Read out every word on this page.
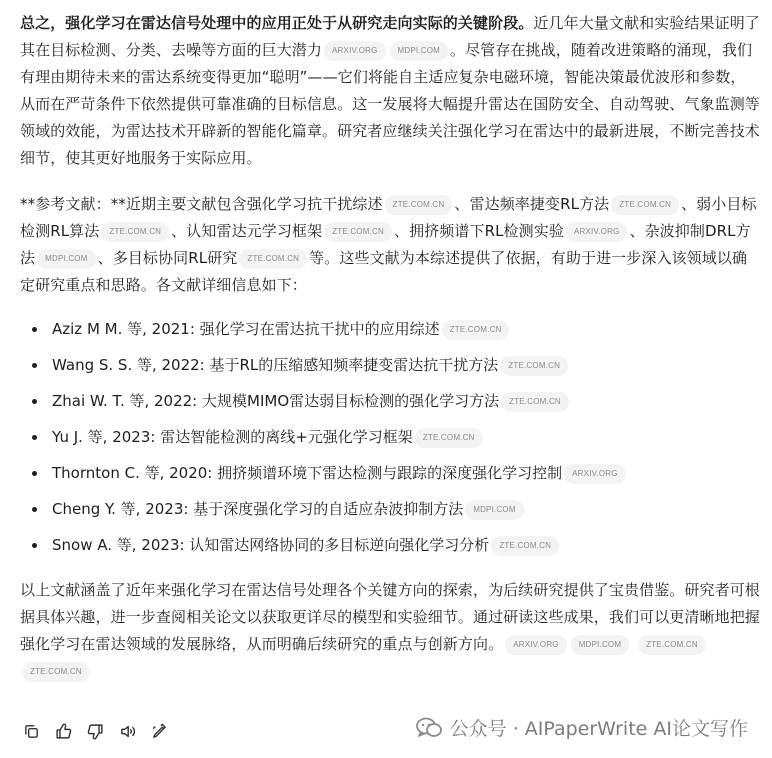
总之，强化学习在雷达信号处理中的应用正处于从研究走向实际的关键阶段。近几年大量文献和实验结果证明了其在目标检测、分类、去噪等方面的巨大潜力 ARXIV.ORG	MDPI.COM 。尽管存在挑战，随着改进策略的涌现，我们有理由期待未来的雷达系统变得更加“聪明”——它们将能自主适应复杂电磁环境，智能决策最优波形和参数，从而在严苛条件下依然提供可靠准确的目标信息。这一发展将大幅提升雷达在国防安全、自动驾驶、气象监测等领域的效能，为雷达技术开辟新的智能化篇章。研究者应继续关注强化学习在雷达中的最新进展，不断完善技术细节，使其更好地服务于实际应用。

**参考文献：**近期主要文献包含强化学习抗干扰综述 ZTE.COM.CN 、雷达频率捷变RL方法 ZTE.COM.CN 、弱小目标检测RL算法 ZTE.COM.CN 、认知雷达元学习框架 ZTE.COM.CN 、拥挤频谱下RL检测实验 ARXIV.ORG 、杂波抑制DRL方法 MDPI.COM 、多目标协同RL研究 ZTE.COM.CN 等。这些文献为本综述提供了依据，有助于进一步深入该领域以确定研究重点和思路。各文献详细信息如下：

Aziz M M. 等, 2021: 强化学习在雷达抗干扰中的应用综述 ZTE.COM.CN
Wang S. S. 等, 2022: 基于RL的压缩感知频率捷变雷达抗干扰方法 ZTE.COM.CN
Zhai W. T. 等, 2022: 大规模MIMO雷达弱目标检测的强化学习方法 ZTE.COM.CN
Yu J. 等, 2023: 雷达智能检测的离线+元强化学习框架 ZTE.COM.CN
Thornton C. 等, 2020: 拥挤频谱环境下雷达检测与跟踪的深度强化学习控制 ARXIV.ORG
Cheng Y. 等, 2023: 基于深度强化学习的自适应杂波抑制方法 MDPI.COM
Snow A. 等, 2023: 认知雷达网络协同的多目标逆向强化学习分析 ZTE.COM.CN

以上文献涵盖了近年来强化学习在雷达信号处理各个关键方向的探索，为后续研究提供了宝贵借鉴。研究者可根据具体兴趣，进一步查阅相关论文以获取更详尽的模型和实验细节。通过研读这些成果，我们可以更清晰地把握强化学习在雷达领域的发展脉络，从而明确后续研究的重点与创新方向。 ARXIV.ORG	MDPI.COM	ZTE.COM.CNZTE.COM.CN

公众号 · AIPaperWrite AI论文写作
